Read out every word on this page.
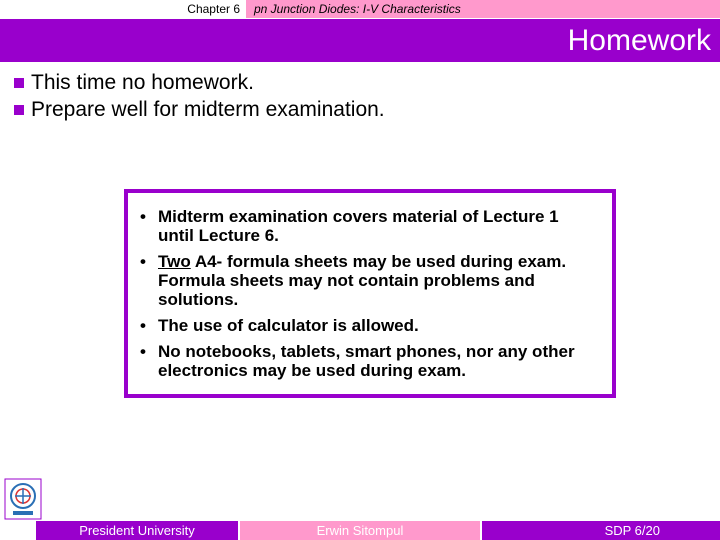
Chapter 6	pn Junction Diodes: I-V Characteristics
Homework
This time no homework.
Prepare well for midterm examination.
• Midterm examination covers material of Lecture 1 until Lecture 6.
• Two A4- formula sheets may be used during exam. Formula sheets may not contain problems and solutions.
• The use of calculator is allowed.
• No notebooks, tablets, smart phones, nor any other electronics may be used during exam.
President University	Erwin Sitompul	SDP 6/20
